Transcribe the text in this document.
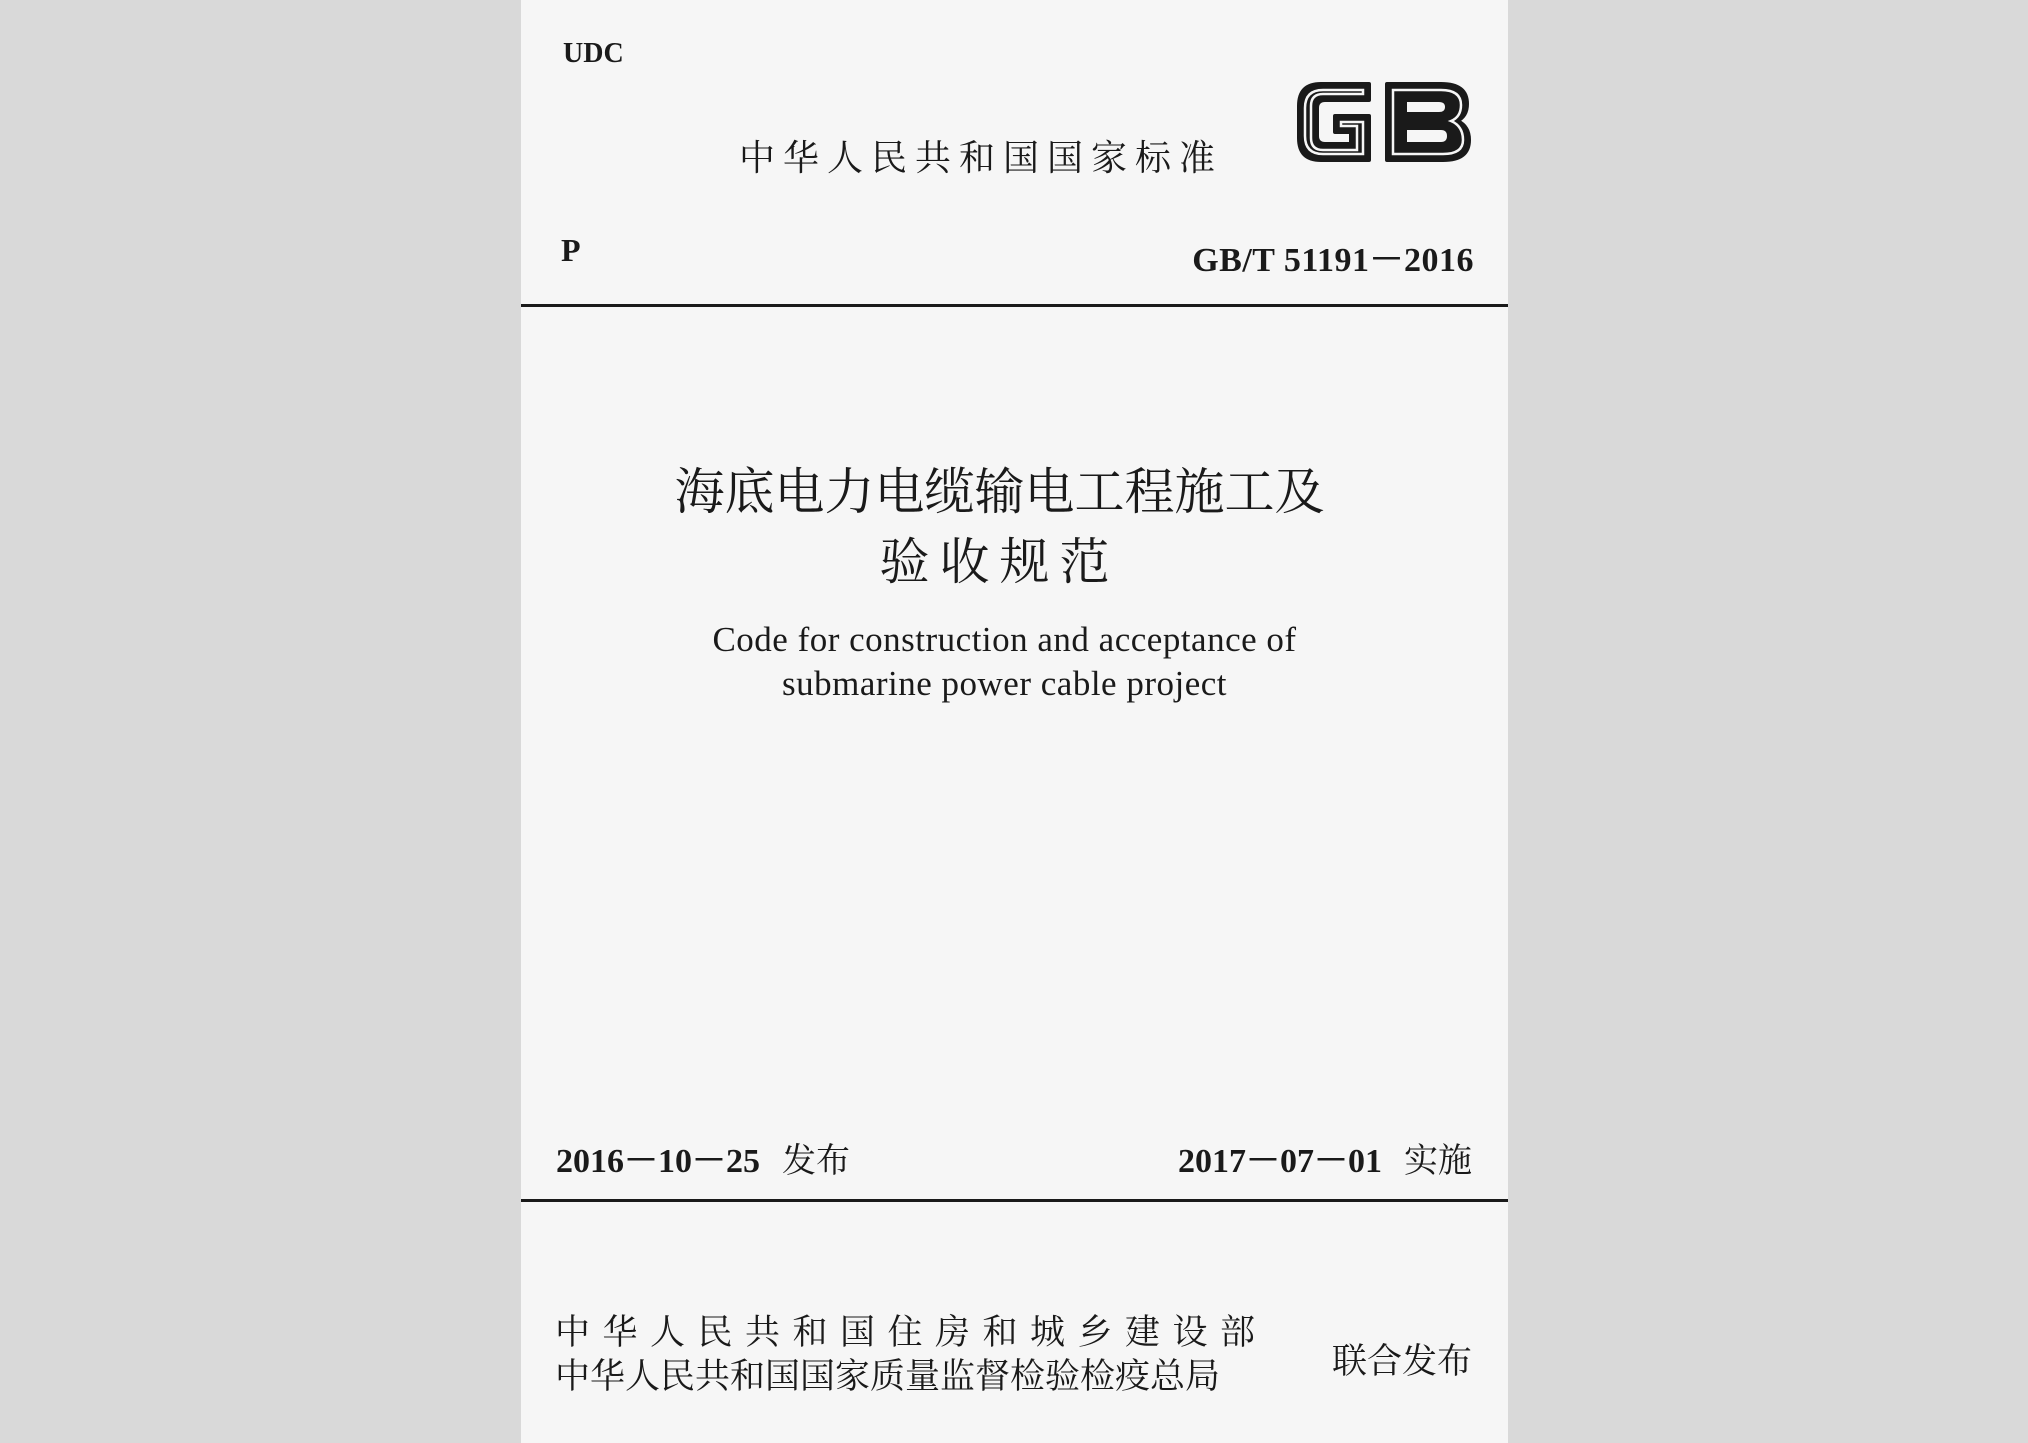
UDC
中华人民共和国国家标准
P	GB/T 51191－2016
海底电力电缆输电工程施工及
验收规范
Code for construction and acceptance of
submarine power cable project
2016－10－25 发布	2017－07－01 实施
中华人民共和国住房和城乡建设部
中华人民共和国国家质量监督检验检疫总局	联合发布
